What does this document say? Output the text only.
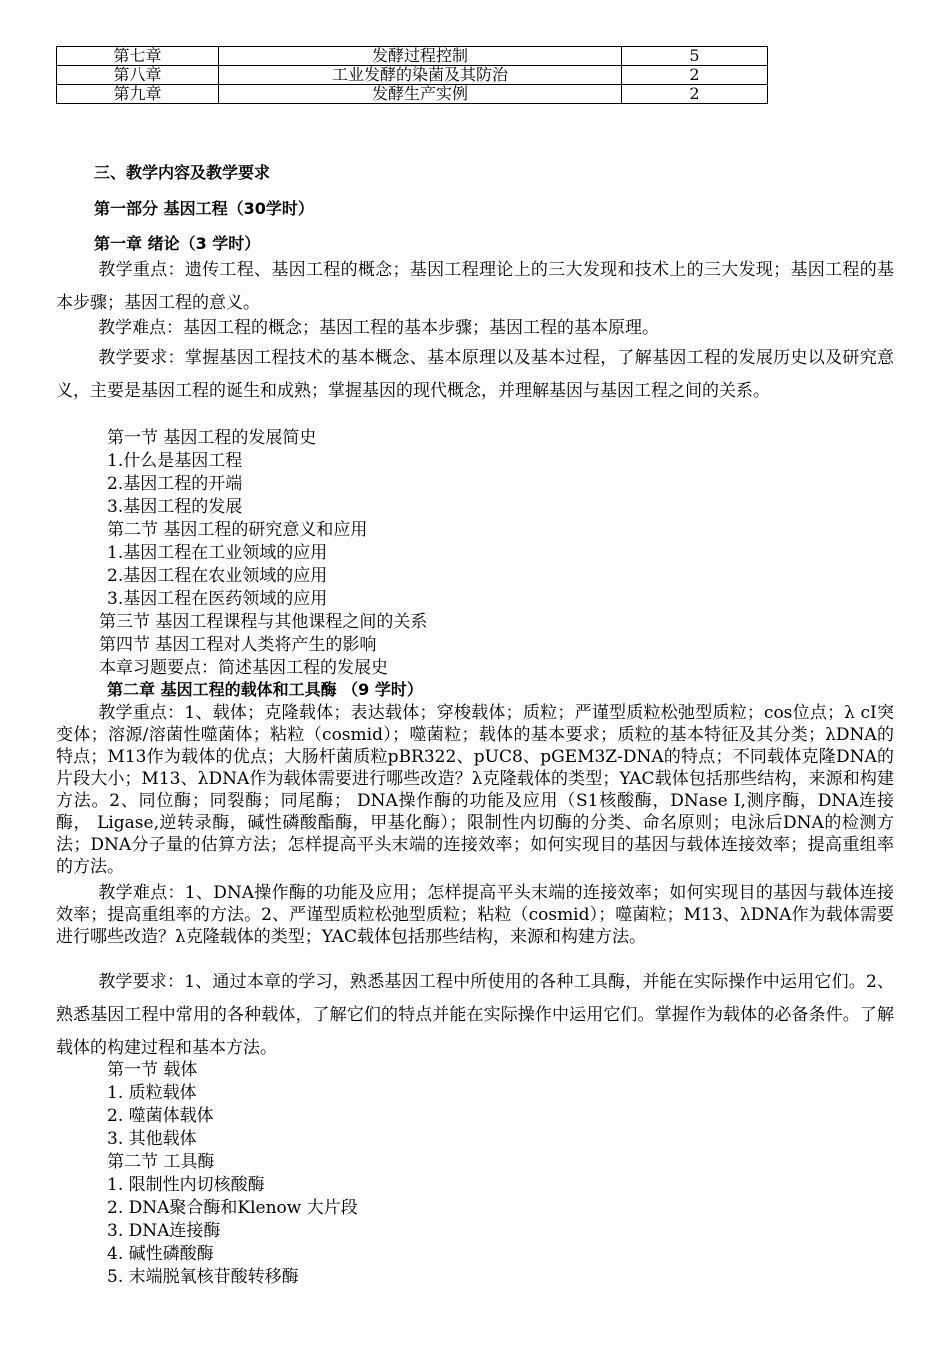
第七章	发酵过程控制	5
第八章	工业发酵的染菌及其防治	2
第九章	发酵生产实例	2
三、教学内容及教学要求
第一部分 基因工程（30学时）
第一章 绪论（3 学时）
教学重点：遗传工程、基因工程的概念；基因工程理论上的三大发现和技术上的三大发现；基因工程的基本步骤；基因工程的意义。
教学难点：基因工程的概念；基因工程的基本步骤；基因工程的基本原理。
教学要求：掌握基因工程技术的基本概念、基本原理以及基本过程，了解基因工程的发展历史以及研究意义，主要是基因工程的诞生和成熟；掌握基因的现代概念，并理解基因与基因工程之间的关系。
第一节 基因工程的发展简史
1.什么是基因工程
2.基因工程的开端
3.基因工程的发展
第二节 基因工程的研究意义和应用
1.基因工程在工业领域的应用
2.基因工程在农业领域的应用
3.基因工程在医药领域的应用
第三节 基因工程课程与其他课程之间的关系
第四节 基因工程对人类将产生的影响
本章习题要点：简述基因工程的发展史
第二章 基因工程的载体和工具酶 （9 学时）
教学重点：1、载体；克隆载体；表达载体；穿梭载体；质粒；严谨型质粒松弛型质粒；cos位点；λ cI突变体；溶源/溶菌性噬菌体；粘粒（cosmid）；噬菌粒；载体的基本要求；质粒的基本特征及其分类；λDNA的特点；M13作为载体的优点；大肠杆菌质粒pBR322、pUC8、pGEM3Z-DNA的特点；不同载体克隆DNA的片段大小；M13、λDNA作为载体需要进行哪些改造？λ克隆载体的类型；YAC载体包括那些结构，来源和构建方法。2、同位酶；同裂酶；同尾酶； DNA操作酶的功能及应用（S1核酸酶，DNase I,测序酶，DNA连接酶， Ligase,逆转录酶，碱性磷酸酯酶，甲基化酶）；限制性内切酶的分类、命名原则；电泳后DNA的检测方法；DNA分子量的估算方法；怎样提高平头末端的连接效率；如何实现目的基因与载体连接效率；提高重组率的方法。
教学难点：1、DNA操作酶的功能及应用；怎样提高平头末端的连接效率；如何实现目的基因与载体连接效率；提高重组率的方法。2、严谨型质粒松弛型质粒；粘粒（cosmid）；噬菌粒；M13、λDNA作为载体需要进行哪些改造？λ克隆载体的类型；YAC载体包括那些结构，来源和构建方法。
教学要求：1、通过本章的学习，熟悉基因工程中所使用的各种工具酶，并能在实际操作中运用它们。2、熟悉基因工程中常用的各种载体，了解它们的特点并能在实际操作中运用它们。掌握作为载体的必备条件。了解载体的构建过程和基本方法。
第一节 载体
1. 质粒载体
2. 噬菌体载体
3. 其他载体
第二节 工具酶
1. 限制性内切核酸酶
2. DNA聚合酶和Klenow 大片段
3. DNA连接酶
4. 碱性磷酸酶
5. 末端脱氧核苷酸转移酶
